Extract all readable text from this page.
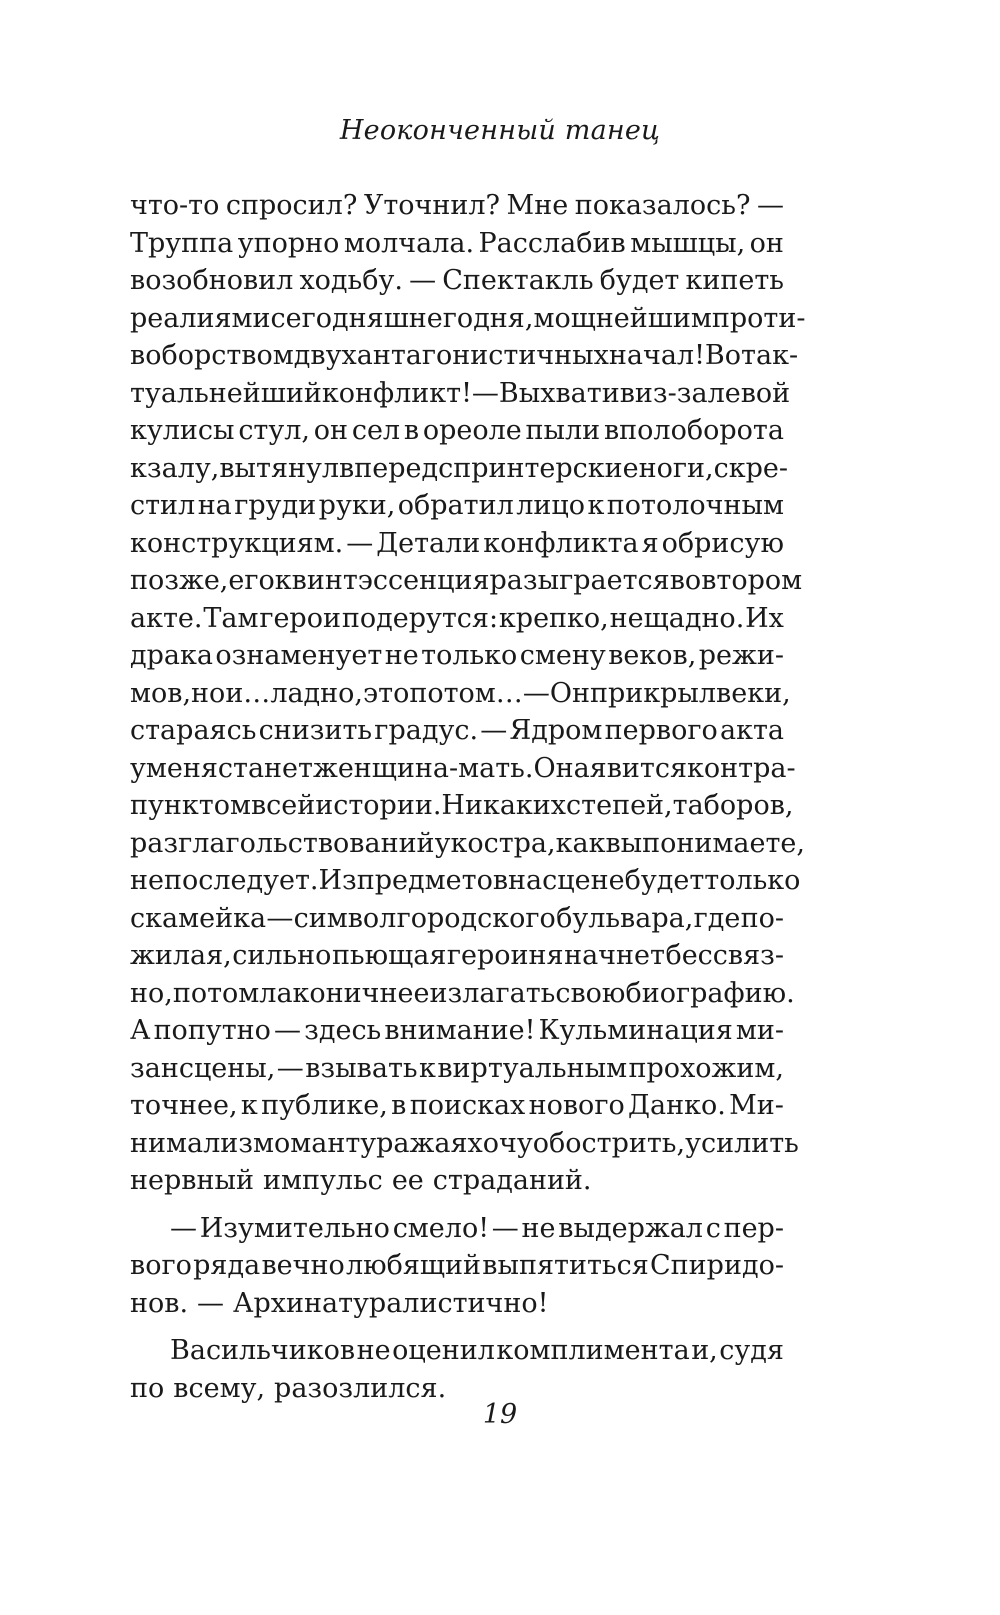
Неоконченный танец
что-то спросил? Уточнил? Мне показалось? —
Труппа упорно молчала. Расслабив мышцы, он
возобновил ходьбу. — Спектакль будет кипеть
реалиями сегодняшнего дня, мощнейшим проти-
воборством двух антагонистичных начал! Вот ак-
туальнейший конфликт! — Выхватив из-за левой
кулисы стул, он сел в ореоле пыли вполоборота
к залу, вытянул вперед спринтерские ноги, скре-
стил на груди руки, обратил лицо к потолочным
конструкциям. — Детали конфликта я обрисую
позже, его квинтэссенция разыграется во втором
акте. Там герои подерутся: крепко, нещадно. Их
драка ознаменует не только смену веков, режи-
мов, но и… ладно, это потом… — Он прикрыл веки,
стараясь снизить градус. — Ядром первого акта
у меня станет женщина-мать. Она явится контра-
пунктом всей истории. Никаких степей, таборов,
разглагольствований у костра, как вы понимаете,
не последует. Из предметов на сцене будет только
скамейка — символ городского бульвара, где по-
жилая, сильно пьющая героиня начнет бессвяз-
но, потом лаконичнее излагать свою биографию.
А попутно — здесь внимание! Кульминация ми-
зансцены, — взывать к виртуальным прохожим,
точнее, к публике, в поисках нового Данко. Ми-
нимализмом антуража я хочу обострить, усилить
нервный импульс ее страданий.
— Изумительно смело! — не выдержал с пер-
вого ряда вечно любящий выпятиться Спиридо-
нов. — Архинатуралистично!
Васильчиков не оценил комплимента и, судя
по всему, разозлился.
19
